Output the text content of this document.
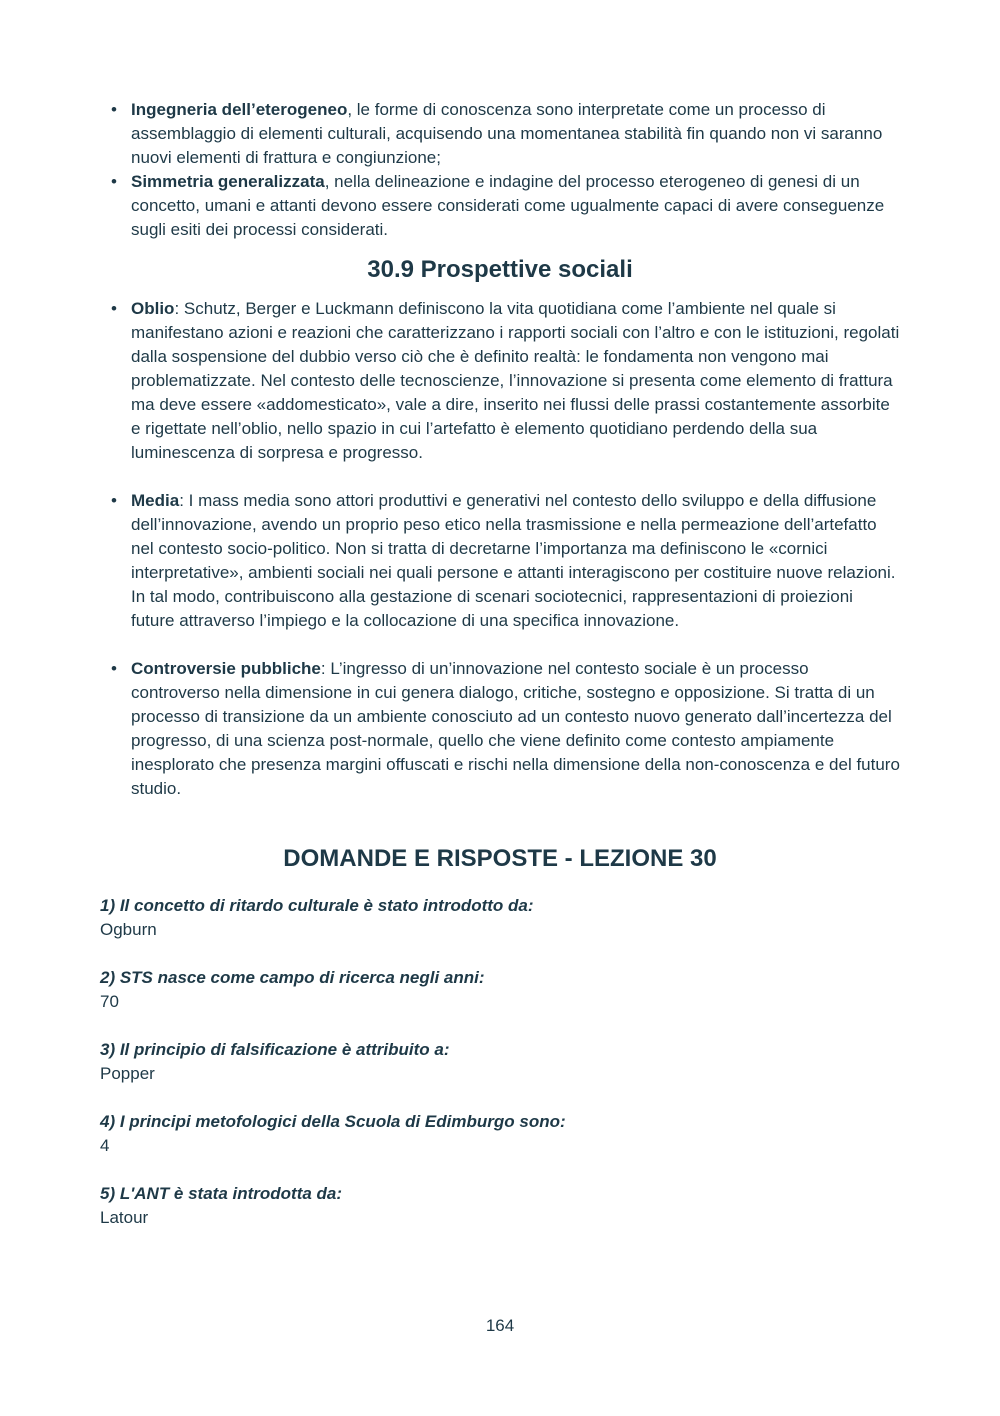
• Ingegneria dell’eterogeneo, le forme di conoscenza sono interpretate come un processo di assemblaggio di elementi culturali, acquisendo una momentanea stabilità fin quando non vi saranno nuovi elementi di frattura e congiunzione;
• Simmetria generalizzata, nella delineazione e indagine del processo eterogeneo di genesi di un concetto, umani e attanti devono essere considerati come ugualmente capaci di avere conseguenze sugli esiti dei processi considerati.
30.9 Prospettive sociali
• Oblio: Schutz, Berger e Luckmann definiscono la vita quotidiana come l’ambiente nel quale si manifestano azioni e reazioni che caratterizzano i rapporti sociali con l’altro e con le istituzioni, regolati dalla sospensione del dubbio verso ciò che è definito realtà: le fondamenta non vengono mai problematizzate. Nel contesto delle tecnoscienze, l’innovazione si presenta come elemento di frattura ma deve essere «addomesticato», vale a dire, inserito nei flussi delle prassi costantemente assorbite e rigettate nell’oblio, nello spazio in cui l’artefatto è elemento quotidiano perdendo della sua luminescenza di sorpresa e progresso.
• Media: I mass media sono attori produttivi e generativi nel contesto dello sviluppo e della diffusione dell’innovazione, avendo un proprio peso etico nella trasmissione e nella permeazione dell’artefatto nel contesto socio-politico. Non si tratta di decretarne l’importanza ma definiscono le «cornici interpretative», ambienti sociali nei quali persone e attanti interagiscono per costituire nuove relazioni. In tal modo, contribuiscono alla gestazione di scenari sociotecnici, rappresentazioni di proiezioni future attraverso l’impiego e la collocazione di una specifica innovazione.
• Controversie pubbliche: L’ingresso di un’innovazione nel contesto sociale è un processo controverso nella dimensione in cui genera dialogo, critiche, sostegno e opposizione. Si tratta di un processo di transizione da un ambiente conosciuto ad un contesto nuovo generato dall’incertezza del progresso, di una scienza post-normale, quello che viene definito come contesto ampiamente inesplorato che presenza margini offuscati e rischi nella dimensione della non-conoscenza e del futuro studio.
DOMANDE E RISPOSTE - LEZIONE 30
1) Il concetto di ritardo culturale è stato introdotto da:
Ogburn
2) STS nasce come campo di ricerca negli anni:
70
3) Il principio di falsificazione è attribuito a:
Popper
4) I principi metofologici della Scuola di Edimburgo sono:
4
5) L'ANT è stata introdotta da:
Latour
164
